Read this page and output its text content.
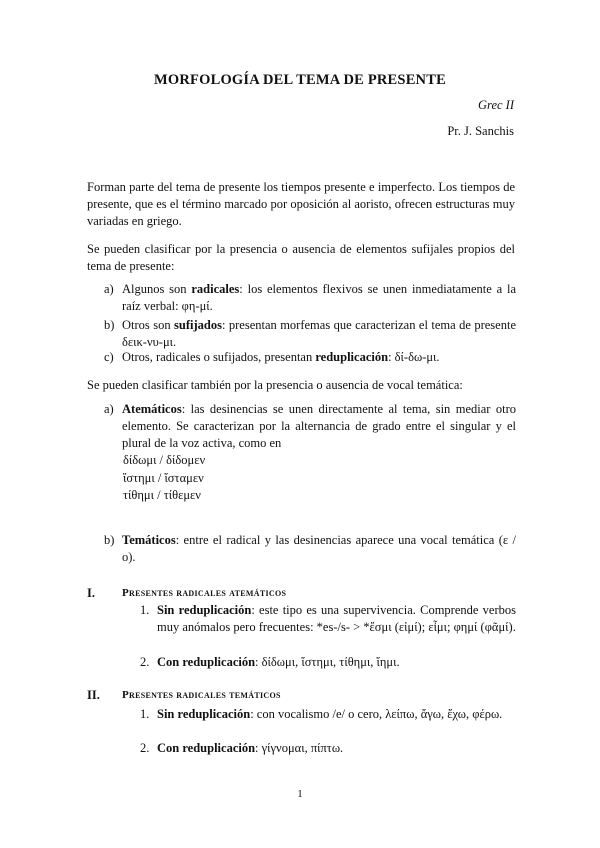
MORFOLOGÍA DEL TEMA DE PRESENTE
Grec II
Pr. J. Sanchis
Forman parte del tema de presente los tiempos presente e imperfecto. Los tiempos de presente, que es el término marcado por oposición al aoristo, ofrecen estructuras muy variadas en griego.
Se pueden clasificar por la presencia o ausencia de elementos sufijales propios del tema de presente:
a) Algunos son radicales: los elementos flexivos se unen inmediatamente a la raíz verbal: φη-μί.
b) Otros son sufijados: presentan morfemas que caracterizan el tema de presente δεικ-νυ-μι.
c) Otros, radicales o sufijados, presentan reduplicación: δί-δω-μι.
Se pueden clasificar también por la presencia o ausencia de vocal temática:
a) Atemáticos: las desinencias se unen directamente al tema, sin mediar otro elemento. Se caracterizan por la alternancia de grado entre el singular y el plural de la voz activa, como en
δίδωμι / δίδομεν
ἵστημι / ἵσταμεν
τίθημι / τίθεμεν
b) Temáticos: entre el radical y las desinencias aparece una vocal temática (ε / ο).
I. Presentes radicales atemáticos
1. Sin reduplicación: este tipo es una supervivencia. Comprende verbos muy anómalos pero frecuentes: *es-/s- > *ἔσμι (εἰμί); εἶμι; φημί (φᾶμί).
2. Con reduplicación: δίδωμι, ἵστημι, τίθημι, ἵημι.
II. Presentes radicales temáticos
1. Sin reduplicación: con vocalismo /e/ o cero, λείπω, ἄγω, ἔχω, φέρω.
2. Con reduplicación: γίγνομαι, πίπτω.
1
